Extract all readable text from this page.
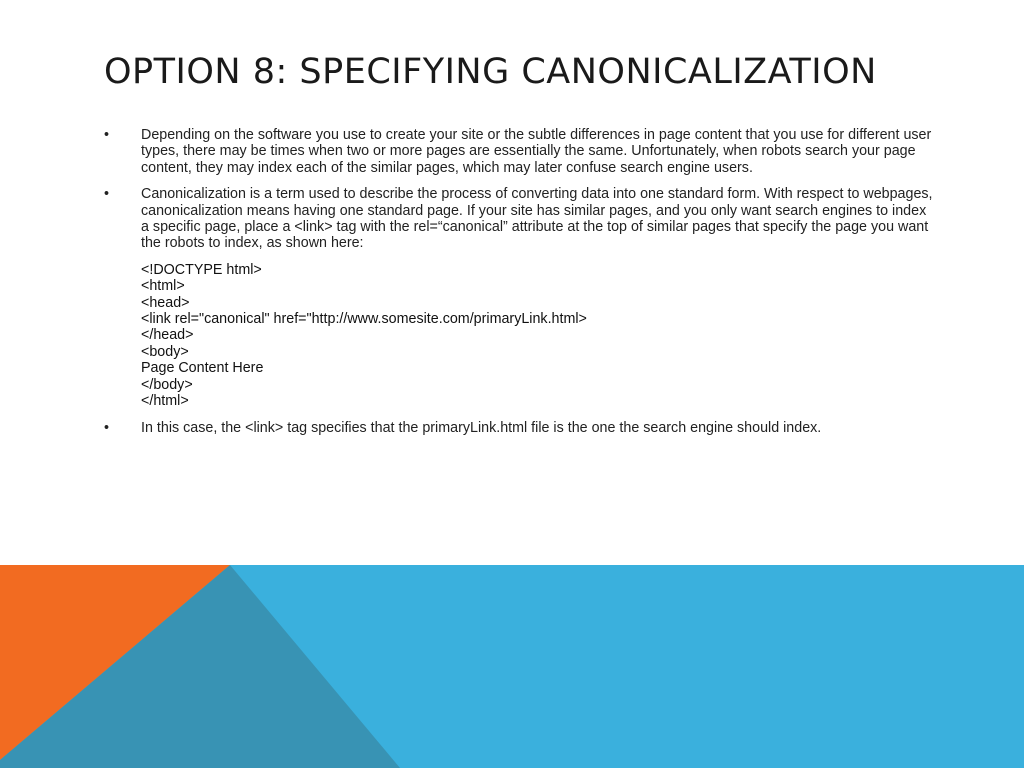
OPTION 8: SPECIFYING CANONICALIZATION
• Depending on the software you use to create your site or the subtle differences in page content that you use for different user types, there may be times when two or more pages are essentially the same. Unfortunately, when robots search your page content, they may index each of the similar pages, which may later confuse search engine users.
• Canonicalization is a term used to describe the process of converting data into one standard form. With respect to webpages, canonicalization means having one standard page. If your site has similar pages, and you only want search engines to index a specific page, place a <link> tag with the rel=“canonical” attribute at the top of similar pages that specify the page you want the robots to index, as shown here:
<!DOCTYPE html>
<html>
<head>
<link rel="canonical" href="http://www.somesite.com/primaryLink.html>
</head>
<body>
Page Content Here
</body>
</html>
• In this case, the <link> tag specifies that the primaryLink.html file is the one the search engine should index.
